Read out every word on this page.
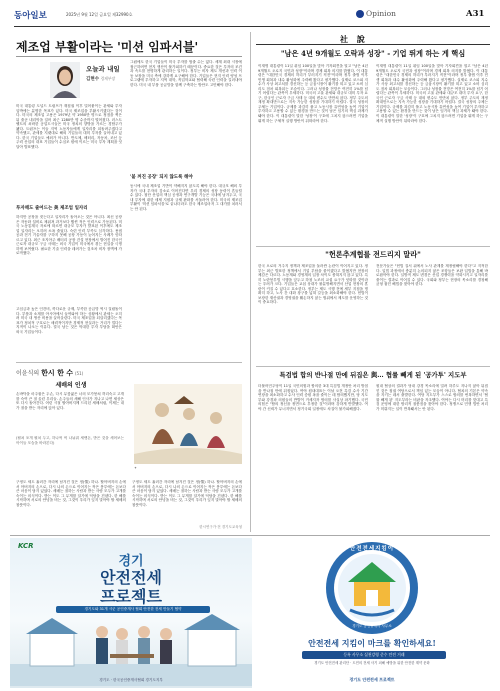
동아일보	2025년 9월 12일 금요일 제32990호	Opinion	A31
제조업 부활이라는 '미션 임파서블'
오늘과 내일
김현수 경제부장
미국 대통령 도널드 트럼프가 재집권 이후 밀어붙이는 관세와 투자 압박에는 분명한 목표가 있다. 미국 제조업을 부활시키겠다는 것이다. 미국의 제조업 고용은 1979년 약 1950만 명으로 정점을 찍은 뒤 줄곧 내리막을 걸어 최근 1280만 명 수준까지 떨어졌다. 러스트벨트의 쇠락한 공업도시들은 미국 정치의 향방을 가르는 경합주가 됐다. 트럼프는 이들 지역 노동자들에게 일자리를 되돌려주겠다고 약속했고, 관세를 지렛대로 해외 기업들의 대미 투자를 끌어내고 있다. 한국 기업들도 예외가 아니다. 반도체, 배터리, 자동차, 조선 등 주력 산업의 대표 기업들이 수십조 원에 이르는 미국 투자 계획을 잇달아 발표했다.
투자해도 줄어드는 美 제조업 일자리
하지만 공장을 짓는다고 일자리가 돌아오는 것은 아니다. 최신 공장은 자동화 설비로 채워져 과거보다 훨씬 적은 인력으로 가동된다. 미국 노동통계국 자료에 따르면 대규모 투자가 발표된 이후에도 제조업 일자리는 오히려 소폭 줄었다. 숙련 인력 부족도 심각하다. 용접공과 전기 기술자를 구하지 못해 공장 가동이 늦어지는 사례가 잇따르고 있다. 최근 조지아주 배터리 공장 건설 현장에서 벌어진 한국인 근로자 대규모 구금 사태는 외국 기업이 미국에서 겪는 현실을 극명하게 보여줬다. 필요한 기술 인력을 데려가는 것조차 비자 장벽에 가로막혔다.
고임금과 높은 인건비, 까다로운 규제, 부족한 공급망 역시 걸림돌이다. 부품과 소재를 아시아에서 들여와야 하는 상황에서 관세는 오히려 미국 내 생산 비용을 끌어올린다. 미국 제조업을 되살리겠다는 목표가 정치적 구호로는 매력적이지만 경제적 현실과는 거리가 멀다는 지적이 나오는 이유다. 결국 남는 것은 막대한 투자 부담을 떠안은 외국 기업들이다.
그럼에도 한국 기업들이 미국 투자를 멈출 수는 없다. 세계 최대 시장에 접근하려면 현지 생산이 불가피하기 때문이다. 중요한 것은 투자의 조건과 속도를 현명하게 관리하는 일이다. 정부는 비자 제도 개선과 인력 이동 보장을 미국 측에 강하게 요구해야 한다. 기업들은 현지 인력 양성 프로그램에 투자하고 지역 대학, 직업학교와 협력해 숙련 인력을 길러내야 한다. 미국 내 부품 공급망을 함께 구축하는 방안도 고민해야 한다.
'불 꺼진 공장' 되지 않도록 해야
동시에 국내 제조업 기반이 약해지지 않도록 해야 한다. 대규모 해외 투자가 국내 투자의 감소로 이어진다면 우리 경제의 성장 동력이 흔들릴 수 있다. 첨단 산업의 핵심 공정과 연구개발 기능은 국내에 남겨두고, 국내 투자에 대한 세제 지원과 규제 완화를 서둘러야 한다. 미국의 제조업 부활이 '미션 임파서블'로 끝나더라도 한국 제조업마저 그 대가를 치러서는 안 된다.
이윤식의 한시 한 수 (51)
세배의 인생
손바닥을 마주잡은 두손, 다시 무릎꿇은 너의 모가뭉쳐 허리숙고 고개를 숙여 큰 절 올린 우리들. 손주들의 새해 인사가 지나고 나면 세상은 또 다시 돌아간다. 어린 시절 할아버지께 드리던 세배처럼, 이제는 내가 절을 받는 자리에 앉아 있다.
(펼쳐 포개 펼쳐 두고, 하나씩 씩 나눠줘 세뱃돈, 받은 것을 세어보는 아이들 모습을 바라본다)
✦
구정도 세도 흘러간 자리에 남겨진 것은 정(情) 하나. 할아버지의 손에서 아버지의 손으로, 다시 나의 손으로 이어지는 작은 봉투에는 돈보다 큰 마음이 담겨 있었다. 세배는 절하는 사람과 받는 사람 모두가 고개를 숙이는 의식이다. 받는 이도 그 무게를 알기에 덕담을 건넨다. 한 해를 시작하며 서로의 안녕을 비는 것, 그것이 우리가 잊지 말아야 할 세배의 참뜻이다.
구정도 세도 흘러간 자리에 남겨진 것은 정(情) 하나. 할아버지의 손에서 아버지의 손으로, 다시 나의 손으로 이어지는 작은 봉투에는 돈보다 큰 마음이 담겨 있었다. 세배는 절하는 사람과 받는 사람 모두가 고개를 숙이는 의식이다. 받는 이도 그 무게를 알기에 덕담을 건넨다. 한 해를 시작하며 서로의 안녕을 비는 것, 그것이 우리가 잊지 말아야 할 세배의 참뜻이다.
한시연구가·전 경기도교육청
社 說
"남은 4년 9개월도 오락과 성장" - 기업 뛰게 하는 게 핵심
이재명 대통령이 11일 취임 100일을 맞아 기자회견을 열고 "남은 4년 9개월도 오로지 국민과 성장"이라며 경제 회복 의지를 밝혔다. 이 대통령은 "대한민국 경제의 허리가 부러지기 직전"이라며 정부 출범 이후 민생 회복과 내수 활성화에 주력해 왔다고 평가했다. 실제로 코스피 지수가 사상 최고치를 경신하는 등 금융시장이 활기를 띠고 있고 소비 심리도 점차 회복되는 모습이다. 그러나 성장률 전망은 여전히 1%를 넘기 어렵다는 관측이 우세하다. 미국의 고율 관세와 대규모 대미 투자 요구, 한국인 근로자 구금 사태 등 대외 변수도 만만치 않다. 정부 주도의 재정 확대만으로는 지속 가능한 성장을 기대하기 어렵다. 결국 성장의 주체는 기업이다. 규제를 과감히 풀고 노동시장 유연성을 높여 기업이 투자하고 고용할 수 있는 환경을 만드는 것이 남은 임기의 핵심 과제가 돼야 한다. 이 대통령이 말한 '성장'이 구호에 그치지 않으려면 기업을 뛰게 하는 구체적 실행 방안이 뒤따라야 한다.
이재명 대통령이 11일 취임 100일을 맞아 기자회견을 열고 "남은 4년 9개월도 오로지 국민과 성장"이라며 경제 회복 의지를 밝혔다. 이 대통령은 "대한민국 경제의 허리가 부러지기 직전"이라며 정부 출범 이후 민생 회복과 내수 활성화에 주력해 왔다고 평가했다. 실제로 코스피 지수가 사상 최고치를 경신하는 등 금융시장이 활기를 띠고 있고 소비 심리도 점차 회복되는 모습이다. 그러나 성장률 전망은 여전히 1%를 넘기 어렵다는 관측이 우세하다. 미국의 고율 관세와 대규모 대미 투자 요구, 한국인 근로자 구금 사태 등 대외 변수도 만만치 않다. 정부 주도의 재정 확대만으로는 지속 가능한 성장을 기대하기 어렵다. 결국 성장의 주체는 기업이다. 규제를 과감히 풀고 노동시장 유연성을 높여 기업이 투자하고 고용할 수 있는 환경을 만드는 것이 남은 임기의 핵심 과제가 돼야 한다. 이 대통령이 말한 '성장'이 구호에 그치지 않으려면 기업을 뛰게 하는 구체적 실행 방안이 뒤따라야 한다.
"헌론추계협를 전드리지 말라"
한국 오로의 거주지 정책과 제조업을 둘러싼 논란이 이어지고 있다. 정부는 최근 발표한 정책에서 기업 부담을 줄이겠다고 밝혔지만 현장의 체감은 다르다. 노동계와 경영계의 입장 차이도 좁혀지지 않고 있다. 특히 노란봉투법 시행을 앞두고 하청 노조의 교섭 요구가 잇따를 것이라는 우려가 크다. 기업들은 교섭 상대가 불분명해지면서 산업 현장의 혼란이 커질 수 있다고 호소한다. 정부는 제도 시행 전에 세부 지침을 명확히 하고, 노사 간 대화 창구를 넓혀 갈등을 최소화해야 한다. 헌법이 보장한 재산권과 경영권을 훼손하지 않는 범위에서 제도를 운영하는 것이 중요하다.
전문가들은 "헌법 질서 위에서 노사 관계를 재정립해야 한다"고 지적한다. 입법 과정에서 충분히 논의되지 않은 조항들은 보완 입법을 통해 바로잡아야 한다. 일방적 제도 변경은 산업 경쟁력을 약화시키고 일자리를 줄이는 결과로 이어질 수 있다. 국회와 정부는 현장의 목소리를 경청해 균형 잡힌 해법을 찾아야 한다.
특검법 합의 반나절 만에 뒤집은 與… 협률 빼게 된 '공가투' 지도부
더불어민주당이 11일 국민의힘과 합의한 3대 특검법 개정안 처리 방침을 반나절 만에 뒤집었다. 여야 원내대표는 이날 오전 특검 수사 기간 연장을 최소화하고 수사 인력 증원 폭을 줄이는 데 합의했지만, 당 지도부와 강경파 의원들의 반발이 거세지자 합의를 사실상 파기했다. 국민의힘은 "합의 정신을 정면으로 부정한 것"이라며 강하게 반발했다. 여야 간 신뢰가 무너지면서 정기국회 일정에도 차질이 불가피해졌다.
원내 협상의 결과가 당내 강경 목소리에 밀려 하루도 지나지 않아 뒤집힌 것은 집권 여당으로서 책임 있는 모습이 아니다. 협치의 기본은 약속을 지키는 데서 출발한다. 여당 지도부가 스스로 합의를 번복하면서 '협률 빼게 된' 지도부라는 비판을 자초했다. 여야는 다시 머리를 맞대고 특검 운영에 대한 합리적 절충점을 찾아야 한다. 정쟁으로 민생 법안 처리가 미뤄지는 일이 반복돼서는 안 된다.
KCR
경기
안전전세
프로젝트
경기도와 31개 시군 공인중개사 협회 안전한 전세 만들기 협약
경기도 · 한국공인중개사협회 경기도지부
안전전세지킴이
경기도 공인중개사 사무소
안전전세 지킴이 마크를 확인하세요!
등록 사무소 실천강령 준수 안전 거래
경기도 안전전세 관리단 · 도민의 전세 사기 피해 예방을 위한 안전한 계약 문화
경기도 안전전세 프로젝트
